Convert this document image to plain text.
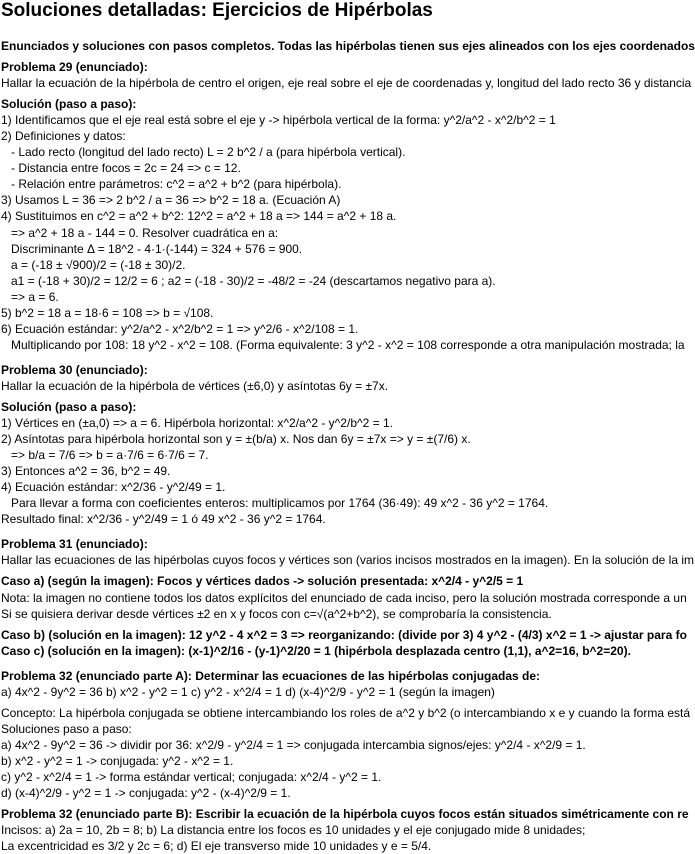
Soluciones detalladas: Ejercicios de Hipérbolas
Enunciados y soluciones con pasos completos. Todas las hipérbolas tienen sus ejes alineados con los ejes coordenados
Problema 29 (enunciado):
Hallar la ecuación de la hipérbola de centro el origen, eje real sobre el eje de coordenadas y, longitud del lado recto 36 y distancia
Solución (paso a paso):
1) Identificamos que el eje real está sobre el eje y -> hipérbola vertical de la forma: y^2/a^2 - x^2/b^2 = 1
2) Definiciones y datos:
- Lado recto (longitud del lado recto) L = 2 b^2 / a (para hipérbola vertical).
- Distancia entre focos = 2c = 24 => c = 12.
- Relación entre parámetros: c^2 = a^2 + b^2 (para hipérbola).
3) Usamos L = 36 => 2 b^2 / a = 36 => b^2 = 18 a. (Ecuación A)
4) Sustituimos en c^2 = a^2 + b^2: 12^2 = a^2 + 18 a => 144 = a^2 + 18 a.
=> a^2 + 18 a - 144 = 0. Resolver cuadrática en a:
Discriminante Δ = 18^2 - 4·1·(-144) = 324 + 576 = 900.
a = (-18 ± √900)/2 = (-18 ± 30)/2.
a1 = (-18 + 30)/2 = 12/2 = 6 ; a2 = (-18 - 30)/2 = -48/2 = -24 (descartamos negativo para a).
=> a = 6.
5) b^2 = 18 a = 18·6 = 108 => b = √108.
6) Ecuación estándar: y^2/a^2 - x^2/b^2 = 1 => y^2/6 - x^2/108 = 1.
Multiplicando por 108: 18 y^2 - x^2 = 108. (Forma equivalente: 3 y^2 - x^2 = 108 corresponde a otra manipulación mostrada; la
Problema 30 (enunciado):
Hallar la ecuación de la hipérbola de vértices (±6,0) y asíntotas 6y = ±7x.
Solución (paso a paso):
1) Vértices en (±a,0) => a = 6. Hipérbola horizontal: x^2/a^2 - y^2/b^2 = 1.
2) Asíntotas para hipérbola horizontal son y = ±(b/a) x. Nos dan 6y = ±7x => y = ±(7/6) x.
=> b/a = 7/6 => b = a·7/6 = 6·7/6 = 7.
3) Entonces a^2 = 36, b^2 = 49.
4) Ecuación estándar: x^2/36 - y^2/49 = 1.
Para llevar a forma con coeficientes enteros: multiplicamos por 1764 (36·49): 49 x^2 - 36 y^2 = 1764.
Resultado final: x^2/36 - y^2/49 = 1 ó 49 x^2 - 36 y^2 = 1764.
Problema 31 (enunciado):
Hallar las ecuaciones de las hipérbolas cuyos focos y vértices son (varios incisos mostrados en la imagen). En la solución de la im
Caso a) (según la imagen): Focos y vértices dados -> solución presentada: x^2/4 - y^2/5 = 1
Nota: la imagen no contiene todos los datos explícitos del enunciado de cada inciso, pero la solución mostrada corresponde a un
Si se quisiera derivar desde vértices ±2 en x y focos con c=√(a^2+b^2), se comprobaría la consistencia.
Caso b) (solución en la imagen): 12 y^2 - 4 x^2 = 3 => reorganizando: (divide por 3) 4 y^2 - (4/3) x^2 = 1 -> ajustar para fo
Caso c) (solución en la imagen): (x-1)^2/16 - (y-1)^2/20 = 1 (hipérbola desplazada centro (1,1), a^2=16, b^2=20).
Problema 32 (enunciado parte A): Determinar las ecuaciones de las hipérbolas conjugadas de:
a) 4x^2 - 9y^2 = 36 b) x^2 - y^2 = 1 c) y^2 - x^2/4 = 1 d) (x-4)^2/9 - y^2 = 1 (según la imagen)
Concepto: La hipérbola conjugada se obtiene intercambiando los roles de a^2 y b^2 (o intercambiando x e y cuando la forma está
Soluciones paso a paso:
a) 4x^2 - 9y^2 = 36 -> dividir por 36: x^2/9 - y^2/4 = 1 => conjugada intercambia signos/ejes: y^2/4 - x^2/9 = 1.
b) x^2 - y^2 = 1 -> conjugada: y^2 - x^2 = 1.
c) y^2 - x^2/4 = 1 -> forma estándar vertical; conjugada: x^2/4 - y^2 = 1.
d) (x-4)^2/9 - y^2 = 1 -> conjugada: y^2 - (x-4)^2/9 = 1.
Problema 32 (enunciado parte B): Escribir la ecuación de la hipérbola cuyos focos están situados simétricamente con re
Incisos: a) 2a = 10, 2b = 8; b) La distancia entre los focos es 10 unidades y el eje conjugado mide 8 unidades;
La excentricidad es 3/2 y 2c = 6; d) El eje transverso mide 10 unidades y e = 5/4.
